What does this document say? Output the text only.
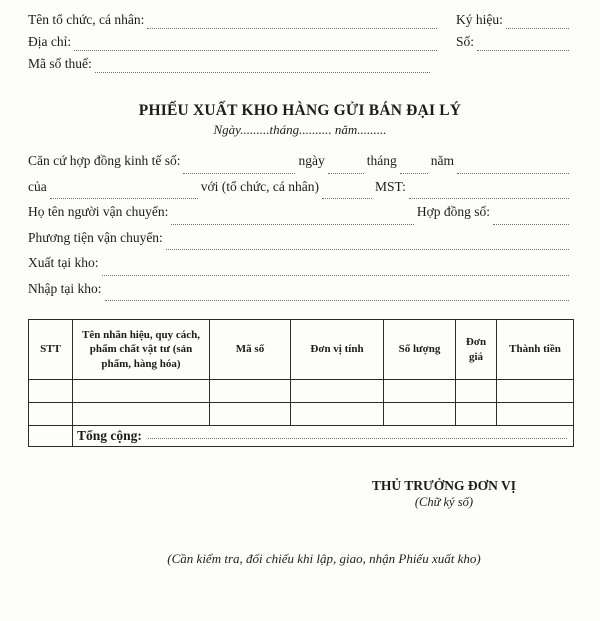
Tên tổ chức, cá nhân:
Địa chỉ:
Mã số thuế:
Ký hiệu:
Số:
PHIẾU XUẤT KHO HÀNG GỬI BÁN ĐẠI LÝ
Ngày.........tháng.......... năm.........
Căn cứ hợp đồng kinh tế số:	ngày	tháng	năm
của	với (tổ chức, cá nhân)	MST:
Họ tên người vận chuyển:	Hợp đồng số:
Phương tiện vận chuyển:
Xuất tại kho:
Nhập tại kho:
STT	Tên nhãn hiệu, quy cách, phẩm chất vật tư (sản phẩm, hàng hóa)	Mã số	Đơn vị tính	Số lượng	Đơn giá	Thành tiền

	Tổng cộng:					
THỦ TRƯỞNG ĐƠN VỊ
(Chữ ký số)
(Cần kiểm tra, đối chiếu khi lập, giao, nhận Phiếu xuất kho)
